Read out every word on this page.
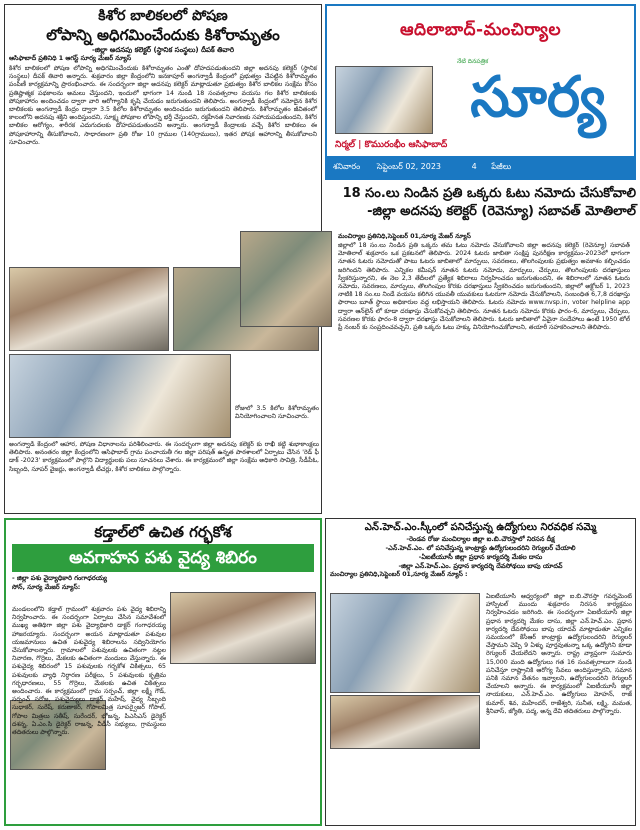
కిశోర బాలికలలో పోషణ
లోపాన్ని అధిగమించేందుకు కిశోరామృతం
-జిల్లా అదనపు కలెక్టర్ (స్థానిక సంస్థలు) దీపక్ తివారి
ఆసిఫాబాద్ ప్రతినిధి 1 ఆగస్ట్ సూర్య మేజర్ న్యూస్
కిశోర బాలికలలో పోషణ లోపాన్ని అధిగమించేందుకు కిశోరామృతం ఎంతో దోహదపడుతుందని జిల్లా అదనపు కలెక్టర్ (స్థానిక సంస్థలు) దీపక్ తివారి అన్నారు. శుక్రవారం జిల్లా కేంద్రంలోని జనకాపూర్ అంగన్వాడీ కేంద్రంలో ప్రభుత్వం చేపట్టిన కిశోరామృతం పంపిణీ కార్యక్రమాన్ని ప్రారంభించారు. ఈ సందర్భంగా జిల్లా అదనపు కలెక్టర్ మాట్లాడుతూ ప్రభుత్వం కిశోర బాలికల సంక్షేమ కోసం ప్రతిష్టాత్మక పథకాలను అమలు చేస్తుందని, ఇందులో భాగంగా 14 నుండి 18 సంవత్సరాల వయసు గల కిశోర బాలికలకు పోషకాహారం అందించడం ద్వారా వారి ఆరోగ్యానికి కృషి చేయడం జరుగుతుందని తెలిపారు. అంగన్వాడీ కేంద్రంలో నమోదైన కిశోర బాలికలకు అంగన్వాడీ కేంద్రం ద్వారా 3.5 కిలోల కిశోరామృతం అందించడం జరుగుతుందని తెలిపారు. కిశోరామృతం జీవితంలో కాలంలోని అదనపు శక్తిని అందిస్తుందని, సూక్ష్మ పోషకాల లోపాన్ని భర్తీ చేస్తుందని, రక్తహీనత నివారణకు సహాయపడుతుందని, కిశోర బాలికల ఆరోగ్యం, శారీరక ఎదుగుదలకు దోహదపడుతుందని అన్నారు. అంగన్వాడీ కేంద్రాలకు వచ్చే కిశోర బాలికలు ఈ పోషకాహారాన్ని తీసుకోవాలని, సాధారణంగా ప్రతి రోజు 10 గ్రాముల (140గ్రాములు), ఇతర పోషక ఆహారాన్ని తీసుకోవాలని సూచించారు.
రోజులో 3.5 కిలోల కిశోరామృతం వినియోగించాలని సూచించారు.
అంగన్వాడీ కేంద్రంలో ఆహార, పోషణ విధానాలను పరిశీలించారు. ఈ సందర్భంగా జిల్లా అదనపు కలెక్టర్ కు రాఖీ కట్టి శుభాకాంక్షలు తెలిపారు. అనంతరం జిల్లా కేంద్రంలోని ఆసిఫాబాద్ గ్రామ పంచాయతీ గల జిల్లా పరిషత్ ఉన్నత పాఠశాలలో ఏర్పాటు చేసిన 'రెడ్ ఫీ డాక్ -2023' కార్యక్రమంలో పాల్గొని విద్యార్థులకు పలు సూచనలు చేశారు. ఈ కార్యక్రమంలో జిల్లా సంక్షేమ అధికారి సావిత్రి, సీడీపీఓ, సిబ్బంది, సూపర్ వైజర్లు, అంగన్వాడీ టీచర్లు, కిశోర బాలికలు పాల్గొన్నారు.
ఆదిలాబాద్-మంచిర్యాల
నేటి దినపత్రిక
సూర్య
నిర్మల్ | కొమురంభీం ఆసిఫాబాద్
శనివారం సెప్టెంబర్ 02, 2023	4 పేజీలు
18 సం.లు నిండిన ప్రతి ఒక్కరు ఓటు నమోదు చేసుకోవాలి
-జిల్లా అదనపు కలెక్టర్ (రెవెన్యూ) సబావత్ మోతిలాల్
మంచిర్యాల ప్రతినిధి,సెప్టెంబర్ 01,సూర్య మేజర్ న్యూస్
జిల్లాలో 18 సం.లు నిండిన ప్రతి ఒక్కరు తమ ఓటు నమోదు చేసుకోవాలని జిల్లా అదనపు కలెక్టర్ (రెవెన్యూ) సబావత్ మోతిలాల్ శుక్రవారం ఒక ప్రకటనలో తెలిపారు. 2024 ఓటరు జాబితా సంక్షిప్త పునరీక్షణ కార్యక్రమం-2023లో భాగంగా నూతన ఓటరు నమోదుతో పాటు ఓటరు జాబితాలో మార్పులు, సవరణలు, తొలగింపులకు ప్రభుత్వం అవకాశం కల్పించడం జరిగిందని తెలిపారు. ఎన్నికల కమీషన్ నూతన ఓటరు నమోదు, మార్పులు, చేర్పులు, తొలగింపులకు దరఖాస్తులు స్వీకరిస్తున్నారని, ఈ నెల 2,3 తేదీలలో ప్రత్యేక శిబిరాలు నిర్వహించడం జరుగుతుందని, ఈ శిబిరాలలో నూతన ఓటరు నమోదు, సవరణలు, మార్పులు, తొలగింపుల కొరకు దరఖాస్తులు స్వీకరించడం జరుగుతుందని, జిల్లాలో అక్టోబర్ 1, 2023 నాటికి 18 సం.లు నిండే వయసు కలిగిన యువతీ యువకులు ఓటరుగా నమోదు చేసుకోవాలని, సంబంధిత 6,7,8 దరఖాస్తు ఫారాలు బూత్ స్థాయి అధికారుల వద్ద లభిస్తాయని తెలిపారు. ఓటరు నమోదు www.nvsp.in, voter helpline app ద్వారా ఆన్‌లైన్ లో కూడా దరఖాస్తు చేసుకోవచ్చని తెలిపారు. నూతన ఓటరు నమోదు కొరకు ఫారం-6, మార్పులు, చేర్పులు, సవరణల కొరకు ఫారం-8 ద్వారా దరఖాస్తు చేసుకోవాలని తెలిపారు. ఓటరు జాబితాలో ఏవైనా సందేహాలు ఉంటే 1950 టోల్ ఫ్రీ నంబర్ కు సంప్రదించవచ్చని, ప్రతి ఒక్కరు ఓటు హక్కు వినియోగించుకోవాలని, తయారీ సహకరించాలని తెలిపారు.
కడ్తాల్‌లో ఉచిత గర్భకోశ
అవగాహన పశు వైద్య శిబిరం
- జిల్లా పశు వైద్యాధికారి గంగాధరయ్య
సోన్, సూర్య మేజర్ న్యూస్:
మండలంలోని కడ్తాల్ గ్రామంలో శుక్రవారం పశు వైద్య శిబిరాన్ని నిర్వహించారు. ఈ సందర్భంగా ఏర్పాటు చేసిన సమావేశంలో ముఖ్య అతిథిగా జిల్లా పశు వైద్యాధికారి డాక్టర్ గంగాధరయ్య హాజరయ్యారు. సందర్భంగా అయన మాట్లాడుతూ పశువుల యజమానులు ఉచిత పశువైద్య శిబిరాలను సద్వినియోగం చేసుకోవాలన్నారు. గ్రామాలలో పశువులకు ఉచితంగా నట్టల నివారణ, గొర్రెలు, మేకలకు ఉచితంగా మందులు వేస్తున్నారు. ఈ పశువైద్య శిబిరంలో 15 పశువులకు గర్భకోశ చికిత్సలు, 65 పశువులకు వ్యాధి నిర్ధారణ పరీక్షలు, 5 పశువులకు కృత్రిమ గర్భధారణలు, 55 గొర్రెలు, మేకలకు ఉచిత చికిత్సలు అందించారు. ఈ కార్యక్రమంలో గ్రామ సర్పంచ్, జిల్లా లక్ష్మీ గౌడ్, సర్పంచ్ సరోజ, పశువైద్యులు డాక్టర్ మహేష్, వైద్య సిబ్బంది సుధాకర్, సురేష్, కరుణాకర్, గోపాలమిత్ర సూపర్వైజర్ గోపాల్, గోపాల మిత్రలు సతీష్, సురేందర్, భోజన్న, పిఎసిఎస్ డైరెక్టర్ దశన్న, ఏ.ఎం.సి డైరెక్టర్ రాజన్న, వీడీసీ సభ్యులు, గ్రామస్థులు తదితరులు పాల్గొన్నారు.
ఎన్.హెచ్.ఎం.స్కీంలో పనిచేస్తున్న ఉద్యోగులు నిరవధిక సమ్మె
-రెండవ రోజు మంచిర్యాల జిల్లా ఐ.బి.చౌరస్తాలో నిరసన దీక్ష
-ఎన్.హెచ్.ఎం. లో పనిచేస్తున్న కాంట్రాక్టు ఉద్యోగులందరిని రెగ్యులర్ చేయాలి
-ఏఐటీయూసీ జిల్లా ప్రధాన కార్యదర్శి మేకల దాసు
-జిల్లా ఎన్.హెచ్.ఎం. ప్రధాన కార్యదర్శి దేవసోథయి బాపు యాదవ్
మంచిర్యాల ప్రతినిధి,సెప్టెంబర్ 01,సూర్య మేజర్ న్యూస్ :
ఏఐటీయూసీ ఆధ్వర్యంలో జిల్లా ఐ.బి.చౌరస్తా గవర్నమెంట్ హాస్పిటల్ ముందు శుక్రవారం నిరసన కార్యక్రమం నిర్వహించడం జరిగింది. ఈ సందర్భంగా ఏఐటీయూసీ జిల్లా ప్రధాన కార్యదర్శి మేకల దాసు, జిల్లా ఎన్.హెచ్.ఎం. ప్రధాన కార్యదర్శి దేవసోథయి బాపు యాదవ్ మాట్లాడుతూ ఎన్నికల సమయంలో కేసీఆర్ కాంట్రాక్టు ఉద్యోగులందరిని రెగ్యులర్ చేస్తామని చెప్పి 9 ఏళ్ళు పూర్తవుతున్నా ఒక్క ఉద్యోగిని కూడా రెగ్యులర్ చేయలేదని అన్నారు. రాష్ట్ర వ్యాప్తంగా సుమారు 15,000 మంది ఉద్యోగులు గత 16 సంవత్సరాలుగా నుండి పనిచేస్తూ రాష్ట్రానికి ఆరోగ్య సేవలు అందిస్తున్నారని, సమాన పనికి సమాన వేతనం ఇవ్వాలని, ఉద్యోగులందరిని రెగ్యులర్ చేయాలని అన్నారు. ఈ కార్యక్రమంలో ఏఐటీయూసీ జిల్లా నాయకులు, ఎన్.హెచ్.ఎం. ఉద్యోగులు మోహన్, రాజ్ కుమార్, శివ, మహేందర్, రాజేశ్వరి, సునీత, లక్ష్మి, మమత, శ్రీనివాస్, జ్యోతి, పద్మ, అన్న దేవి తదితరులు పాల్గొన్నారు.
